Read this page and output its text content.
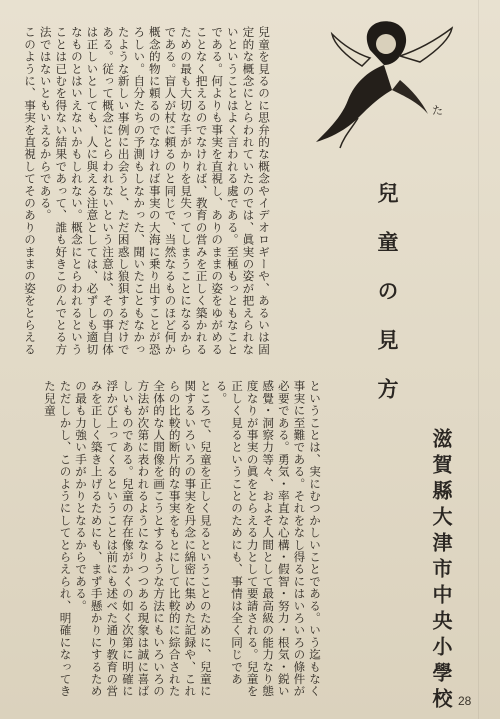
た

兒童を見るのに思弁的な概念やイデオロギーや、あるいは固定的な概念にとらわれていたのでは、眞実の姿が把えられないということはよく言われる處である。至極もっともなことである。何よりも事実を直視し、ありのままの姿をゆがめることなく把えるのでなければ、教育の営みを正しく築かれるための最も大切な手がかりを見失ってしまうことになるからである。盲人が杖に頼るのと同じで、当然なるものほど何か概念的物に頼るのでなければ事実の大海に乗り出すことが恐ろしい。自分たちの予測もしなかった、聞いたこともなかったような新しい事例に出会うと、ただ困惑し狼狽するだけである。従って概念にとらわれないという注意は、その事自体は正しいとしても、人に與える注意としては、必ずしも適切なものとはいえないかもしれない。概念にとらわれるということは已むを得ない結果であって、誰も好きこのんでとる方法ではないともいえるからである。

このように、事実を直視してそのありのままの姿をとらえる	兒童の見方

ということは、実にむつかしいことである。いう迄もなく事実に至難である。それをなし得るにはいろいろの條件が必要である。勇気・率直な心構・假智・努力・根気・鋭い感覺・洞察力等々、およそ人間として最高級の能力なり態度なりが事実の眞をとらえる力として要請される。兒童を正しく見るということのためにも、事情は全く同じである。

ところで、兒童を正しく見るということのために、兒童に関するいろいろの事実を丹念に綿密に集めた記録や、これらの比較的断片的な事実をもとにして比較的に綜合された全体的な人間像を画こうとするような方法にもいろいろの方法が次第に表われるようになりつつある現象は誠に喜ばしいものである。兒童の存在像がかくの如く次第に明確に浮かび上ってくるということは前にも述べた通り教育の営みを正しく築き上げるためにも、まず手懸かりにするための最も力強い手がかりとなるからである。

ただしかし、このようにしてとらえられ、明確になってきた兒童

滋賀縣大津市中央小學校 28
